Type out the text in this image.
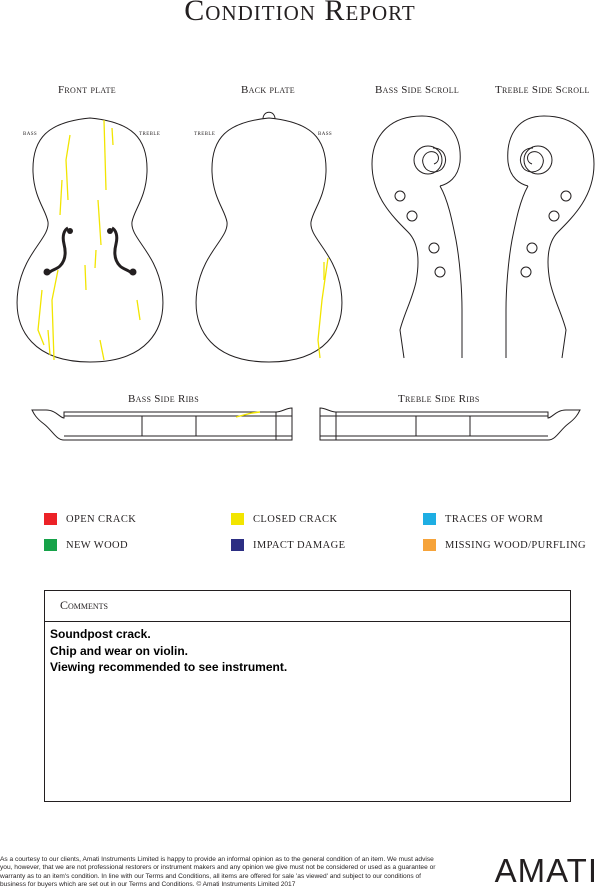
Condition Report
Front plate	Back plate	Bass Side Scroll	Treble Side Scroll
Bass Side Ribs	Treble Side Ribs
bass	treble	treble	bass
OPEN CRACK	CLOSED CRACK	TRACES OF WORM
NEW WOOD	IMPACT DAMAGE	MISSING WOOD/PURFLING
Comments
Soundpost crack.
Chip and wear on violin.
Viewing recommended to see instrument.
As a courtesy to our clients, Amati Instruments Limited is happy to provide an informal opinion as to the general condition of an item. We must advise you, however, that we are not professional restorers or instrument makers and any opinion we give must not be considered or used as a guarantee or warranty as to an item's condition. In line with our Terms and Conditions, all items are offered for sale 'as viewed' and subject to our conditions of business for buyers which are set out in our Terms and Conditions. © Amati Instruments Limited 2017	AMATI
